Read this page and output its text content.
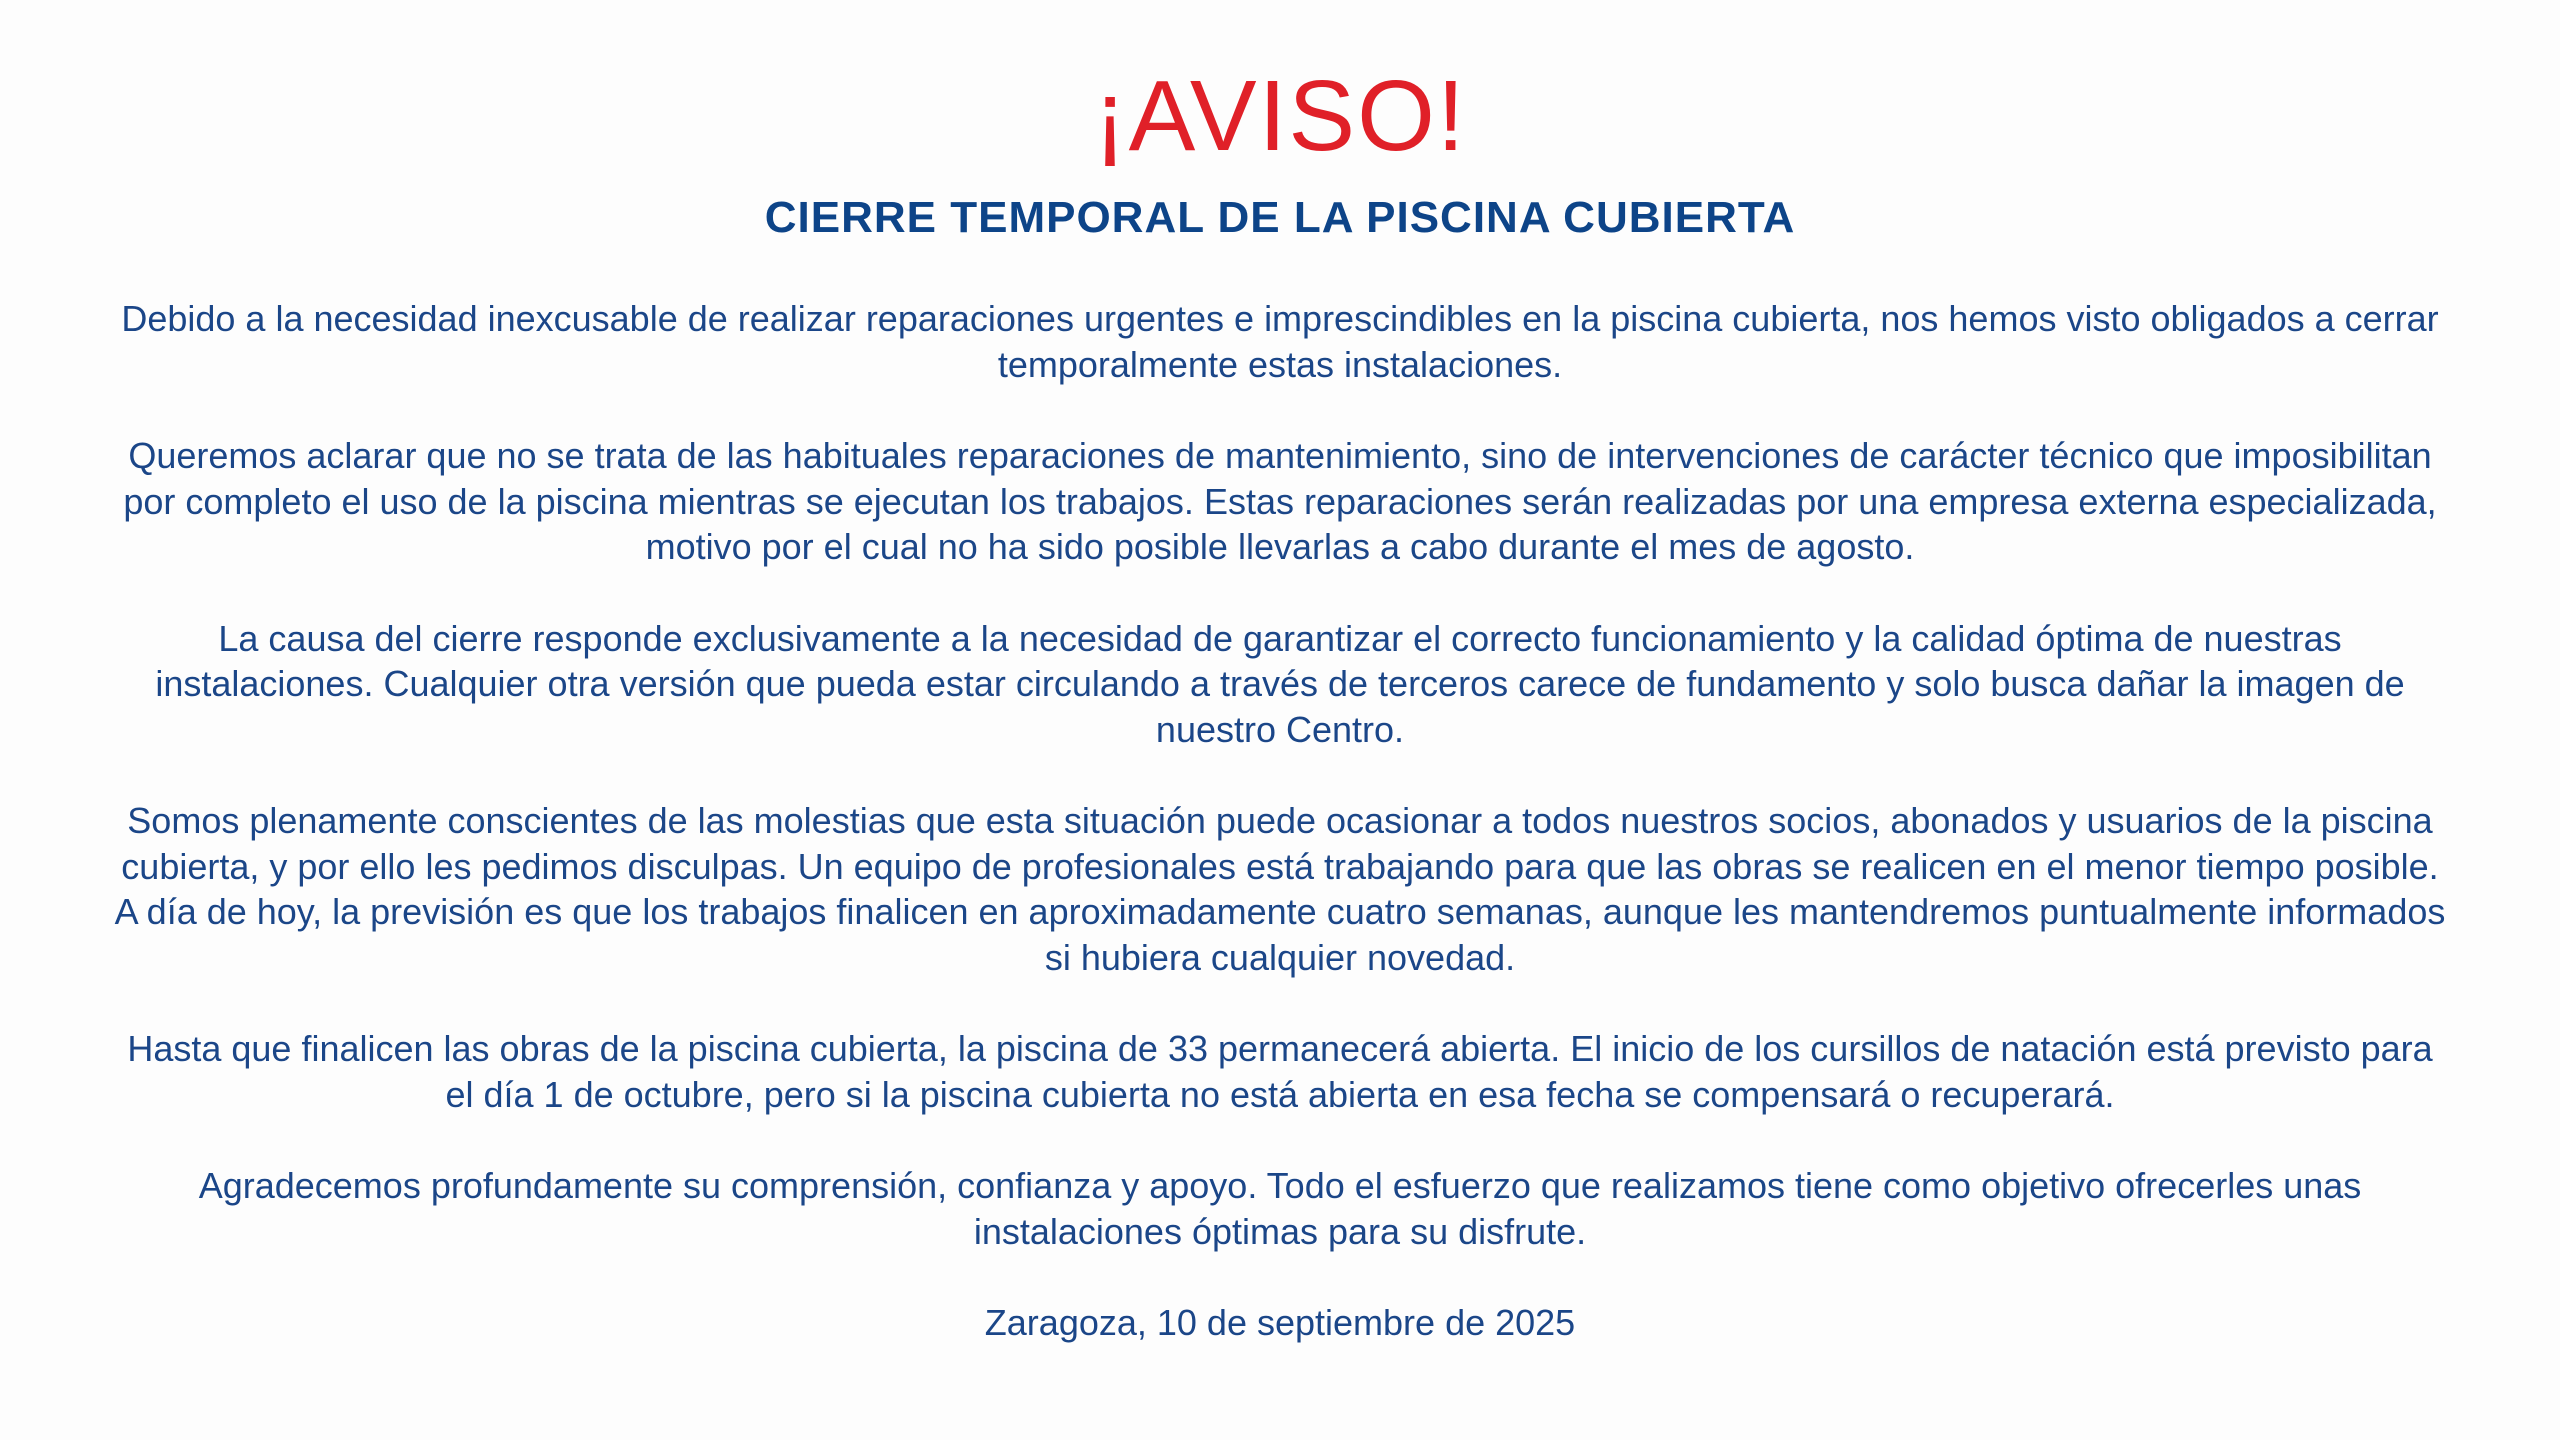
¡AVISO!
CIERRE TEMPORAL DE LA PISCINA CUBIERTA

Debido a la necesidad inexcusable de realizar reparaciones urgentes e imprescindibles en la piscina cubierta, nos hemos visto obligados a cerrar temporalmente estas instalaciones.

Queremos aclarar que no se trata de las habituales reparaciones de mantenimiento, sino de intervenciones de carácter técnico que imposibilitan por completo el uso de la piscina mientras se ejecutan los trabajos. Estas reparaciones serán realizadas por una empresa externa especializada, motivo por el cual no ha sido posible llevarlas a cabo durante el mes de agosto.

La causa del cierre responde exclusivamente a la necesidad de garantizar el correcto funcionamiento y la calidad óptima de nuestras instalaciones. Cualquier otra versión que pueda estar circulando a través de terceros carece de fundamento y solo busca dañar la imagen de nuestro Centro.

Somos plenamente conscientes de las molestias que esta situación puede ocasionar a todos nuestros socios, abonados y usuarios de la piscina cubierta, y por ello les pedimos disculpas. Un equipo de profesionales está trabajando para que las obras se realicen en el menor tiempo posible. A día de hoy, la previsión es que los trabajos finalicen en aproximadamente cuatro semanas, aunque les mantendremos puntualmente informados si hubiera cualquier novedad.

Hasta que finalicen las obras de la piscina cubierta, la piscina de 33 permanecerá abierta. El inicio de los cursillos de natación está previsto para el día 1 de octubre, pero si la piscina cubierta no está abierta en esa fecha se compensará o recuperará.

Agradecemos profundamente su comprensión, confianza y apoyo. Todo el esfuerzo que realizamos tiene como objetivo ofrecerles unas instalaciones óptimas para su disfrute.

Zaragoza, 10 de septiembre de 2025
